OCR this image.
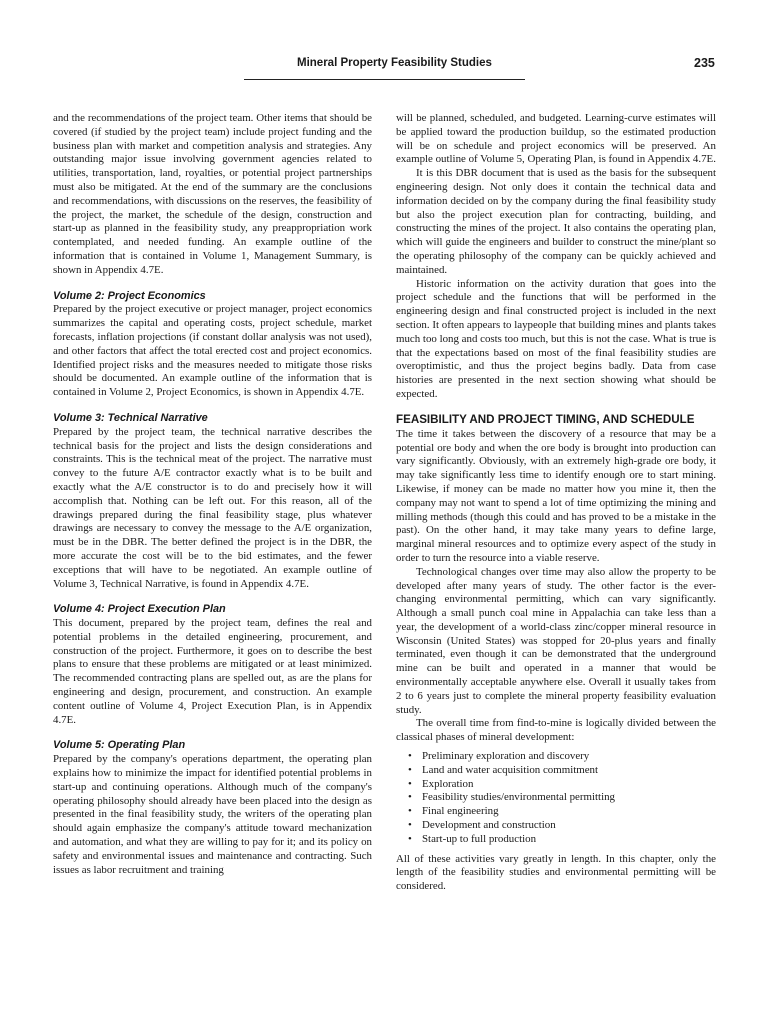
Mineral Property Feasibility Studies	235

and the recommendations of the project team. Other items that should be covered (if studied by the project team) include project funding and the business plan with market and competition analysis and strategies. Any outstanding major issue involving government agencies related to utilities, transportation, land, royalties, or potential project partnerships must also be mitigated. At the end of the summary are the conclusions and recommendations, with discussions on the reserves, the feasibility of the project, the market, the schedule of the design, construction and start-up as planned in the feasibility study, any preappropriation work contemplated, and needed funding. An example outline of the information that is contained in Volume 1, Management Summary, is shown in Appendix 4.7E.

Volume 2: Project Economics

Prepared by the project executive or project manager, project economics summarizes the capital and operating costs, project schedule, market forecasts, inflation projections (if constant dollar analysis was not used), and other factors that affect the total erected cost and project economics. Identified project risks and the measures needed to mitigate those risks should be documented. An example outline of the information that is contained in Volume 2, Project Economics, is shown in Appendix 4.7E.

Volume 3: Technical Narrative

Prepared by the project team, the technical narrative describes the technical basis for the project and lists the design considerations and constraints. This is the technical meat of the project. The narrative must convey to the future A/E contractor exactly what is to be built and exactly what the A/E constructor is to do and precisely how it will accomplish that. Nothing can be left out. For this reason, all of the drawings prepared during the final feasibility stage, plus whatever drawings are necessary to convey the message to the A/E organization, must be in the DBR. The better defined the project is in the DBR, the more accurate the cost will be to the bid estimates, and the fewer exceptions that will have to be negotiated. An example outline of Volume 3, Technical Narrative, is found in Appendix 4.7E.

Volume 4: Project Execution Plan

This document, prepared by the project team, defines the real and potential problems in the detailed engineering, procurement, and construction of the project. Furthermore, it goes on to describe the best plans to ensure that these problems are mitigated or at least minimized. The recommended contracting plans are spelled out, as are the plans for engineering and design, procurement, and construction. An example content outline of Volume 4, Project Execution Plan, is in Appendix 4.7E.

Volume 5: Operating Plan

Prepared by the company's operations department, the operating plan explains how to minimize the impact for identified potential problems in start-up and continuing operations. Although much of the company's operating philosophy should already have been placed into the design as presented in the final feasibility study, the writers of the operating plan should again emphasize the company's attitude toward mechanization and automation, and what they are willing to pay for it; and its policy on safety and environmental issues and maintenance and contracting. Such issues as labor recruitment and training

will be planned, scheduled, and budgeted. Learning-curve estimates will be applied toward the production buildup, so the estimated production will be on schedule and project economics will be preserved. An example outline of Volume 5, Operating Plan, is found in Appendix 4.7E.

It is this DBR document that is used as the basis for the subsequent engineering design. Not only does it contain the technical data and information decided on by the company during the final feasibility study but also the project execution plan for contracting, building, and constructing the mines of the project. It also contains the operating plan, which will guide the engineers and builder to construct the mine/plant so the operating philosophy of the company can be quickly achieved and maintained.

Historic information on the activity duration that goes into the project schedule and the functions that will be performed in the engineering design and final constructed project is included in the next section. It often appears to laypeople that building mines and plants takes much too long and costs too much, but this is not the case. What is true is that the expectations based on most of the final feasibility studies are overoptimistic, and thus the project begins badly. Data from case histories are presented in the next section showing what should be expected.

FEASIBILITY AND PROJECT TIMING, AND SCHEDULE

The time it takes between the discovery of a resource that may be a potential ore body and when the ore body is brought into production can vary significantly. Obviously, with an extremely high-grade ore body, it may take significantly less time to identify enough ore to start mining. Likewise, if money can be made no matter how you mine it, then the company may not want to spend a lot of time optimizing the mining and milling methods (though this could and has proved to be a mistake in the past). On the other hand, it may take many years to define large, marginal mineral resources and to optimize every aspect of the study in order to turn the resource into a viable reserve.

Technological changes over time may also allow the property to be developed after many years of study. The other factor is the ever-changing environmental permitting, which can vary significantly. Although a small punch coal mine in Appalachia can take less than a year, the development of a world-class zinc/copper mineral resource in Wisconsin (United States) was stopped for 20-plus years and finally terminated, even though it can be demonstrated that the underground mine can be built and operated in a manner that would be environmentally acceptable anywhere else. Overall it usually takes from 2 to 6 years just to complete the mineral property feasibility evaluation study.

The overall time from find-to-mine is logically divided between the classical phases of mineral development:

• Preliminary exploration and discovery
• Land and water acquisition commitment
• Exploration
• Feasibility studies/environmental permitting
• Final engineering
• Development and construction
• Start-up to full production

All of these activities vary greatly in length. In this chapter, only the length of the feasibility studies and environmental permitting will be considered.
